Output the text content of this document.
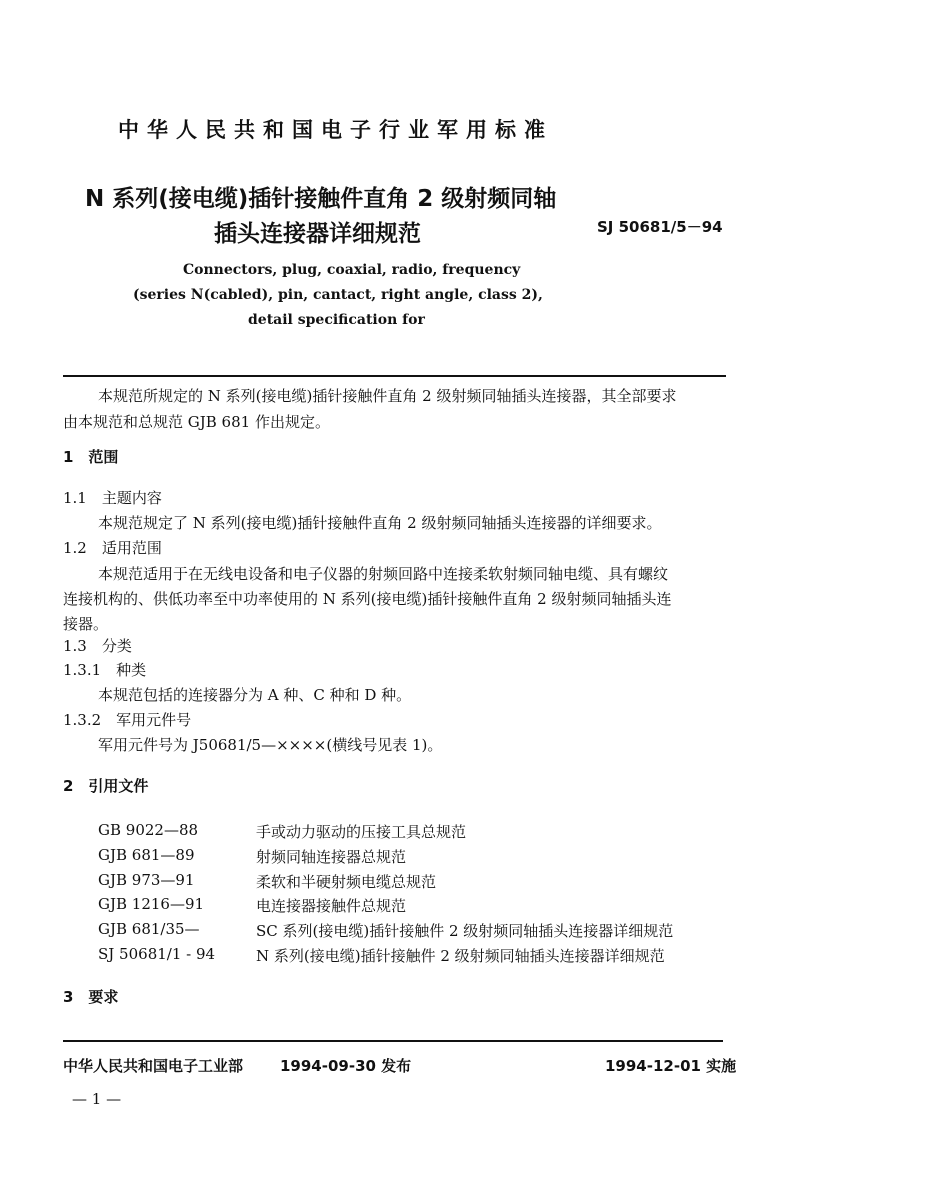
中华人民共和国电子行业军用标准
N 系列(接电缆)插针接触件直角 2 级射频同轴
插头连接器详细规范	SJ 50681/5－94
Connectors, plug, coaxial, radio, frequency
(series N(cabled), pin, cantact, right angle, class 2),
detail specification for
本规范所规定的 N 系列(接电缆)插针接触件直角 2 级射频同轴插头连接器，其全部要求
由本规范和总规范 GJB 681 作出规定。
1　范围
1.1　主题内容
本规范规定了 N 系列(接电缆)插针接触件直角 2 级射频同轴插头连接器的详细要求。
1.2　适用范围
本规范适用于在无线电设备和电子仪器的射频回路中连接柔软射频同轴电缆、具有螺纹
连接机构的、供低功率至中功率使用的 N 系列(接电缆)插针接触件直角 2 级射频同轴插头连
接器。
1.3　分类
1.3.1　种类
本规范包括的连接器分为 A 种、C 种和 D 种。
1.3.2　军用元件号
军用元件号为 J50681/5—××××(横线号见表 1)。
2　引用文件
GB 9022—88	手或动力驱动的压接工具总规范
GJB 681—89	射频同轴连接器总规范
GJB 973—91	柔软和半硬射频电缆总规范
GJB 1216—91	电连接器接触件总规范
GJB 681/35—	SC 系列(接电缆)插针接触件 2 级射频同轴插头连接器详细规范
SJ 50681/1 - 94	N 系列(接电缆)插针接触件 2 级射频同轴插头连接器详细规范
3　要求
中华人民共和国电子工业部 1994-09-30 发布	1994-12-01 实施
— 1 —
